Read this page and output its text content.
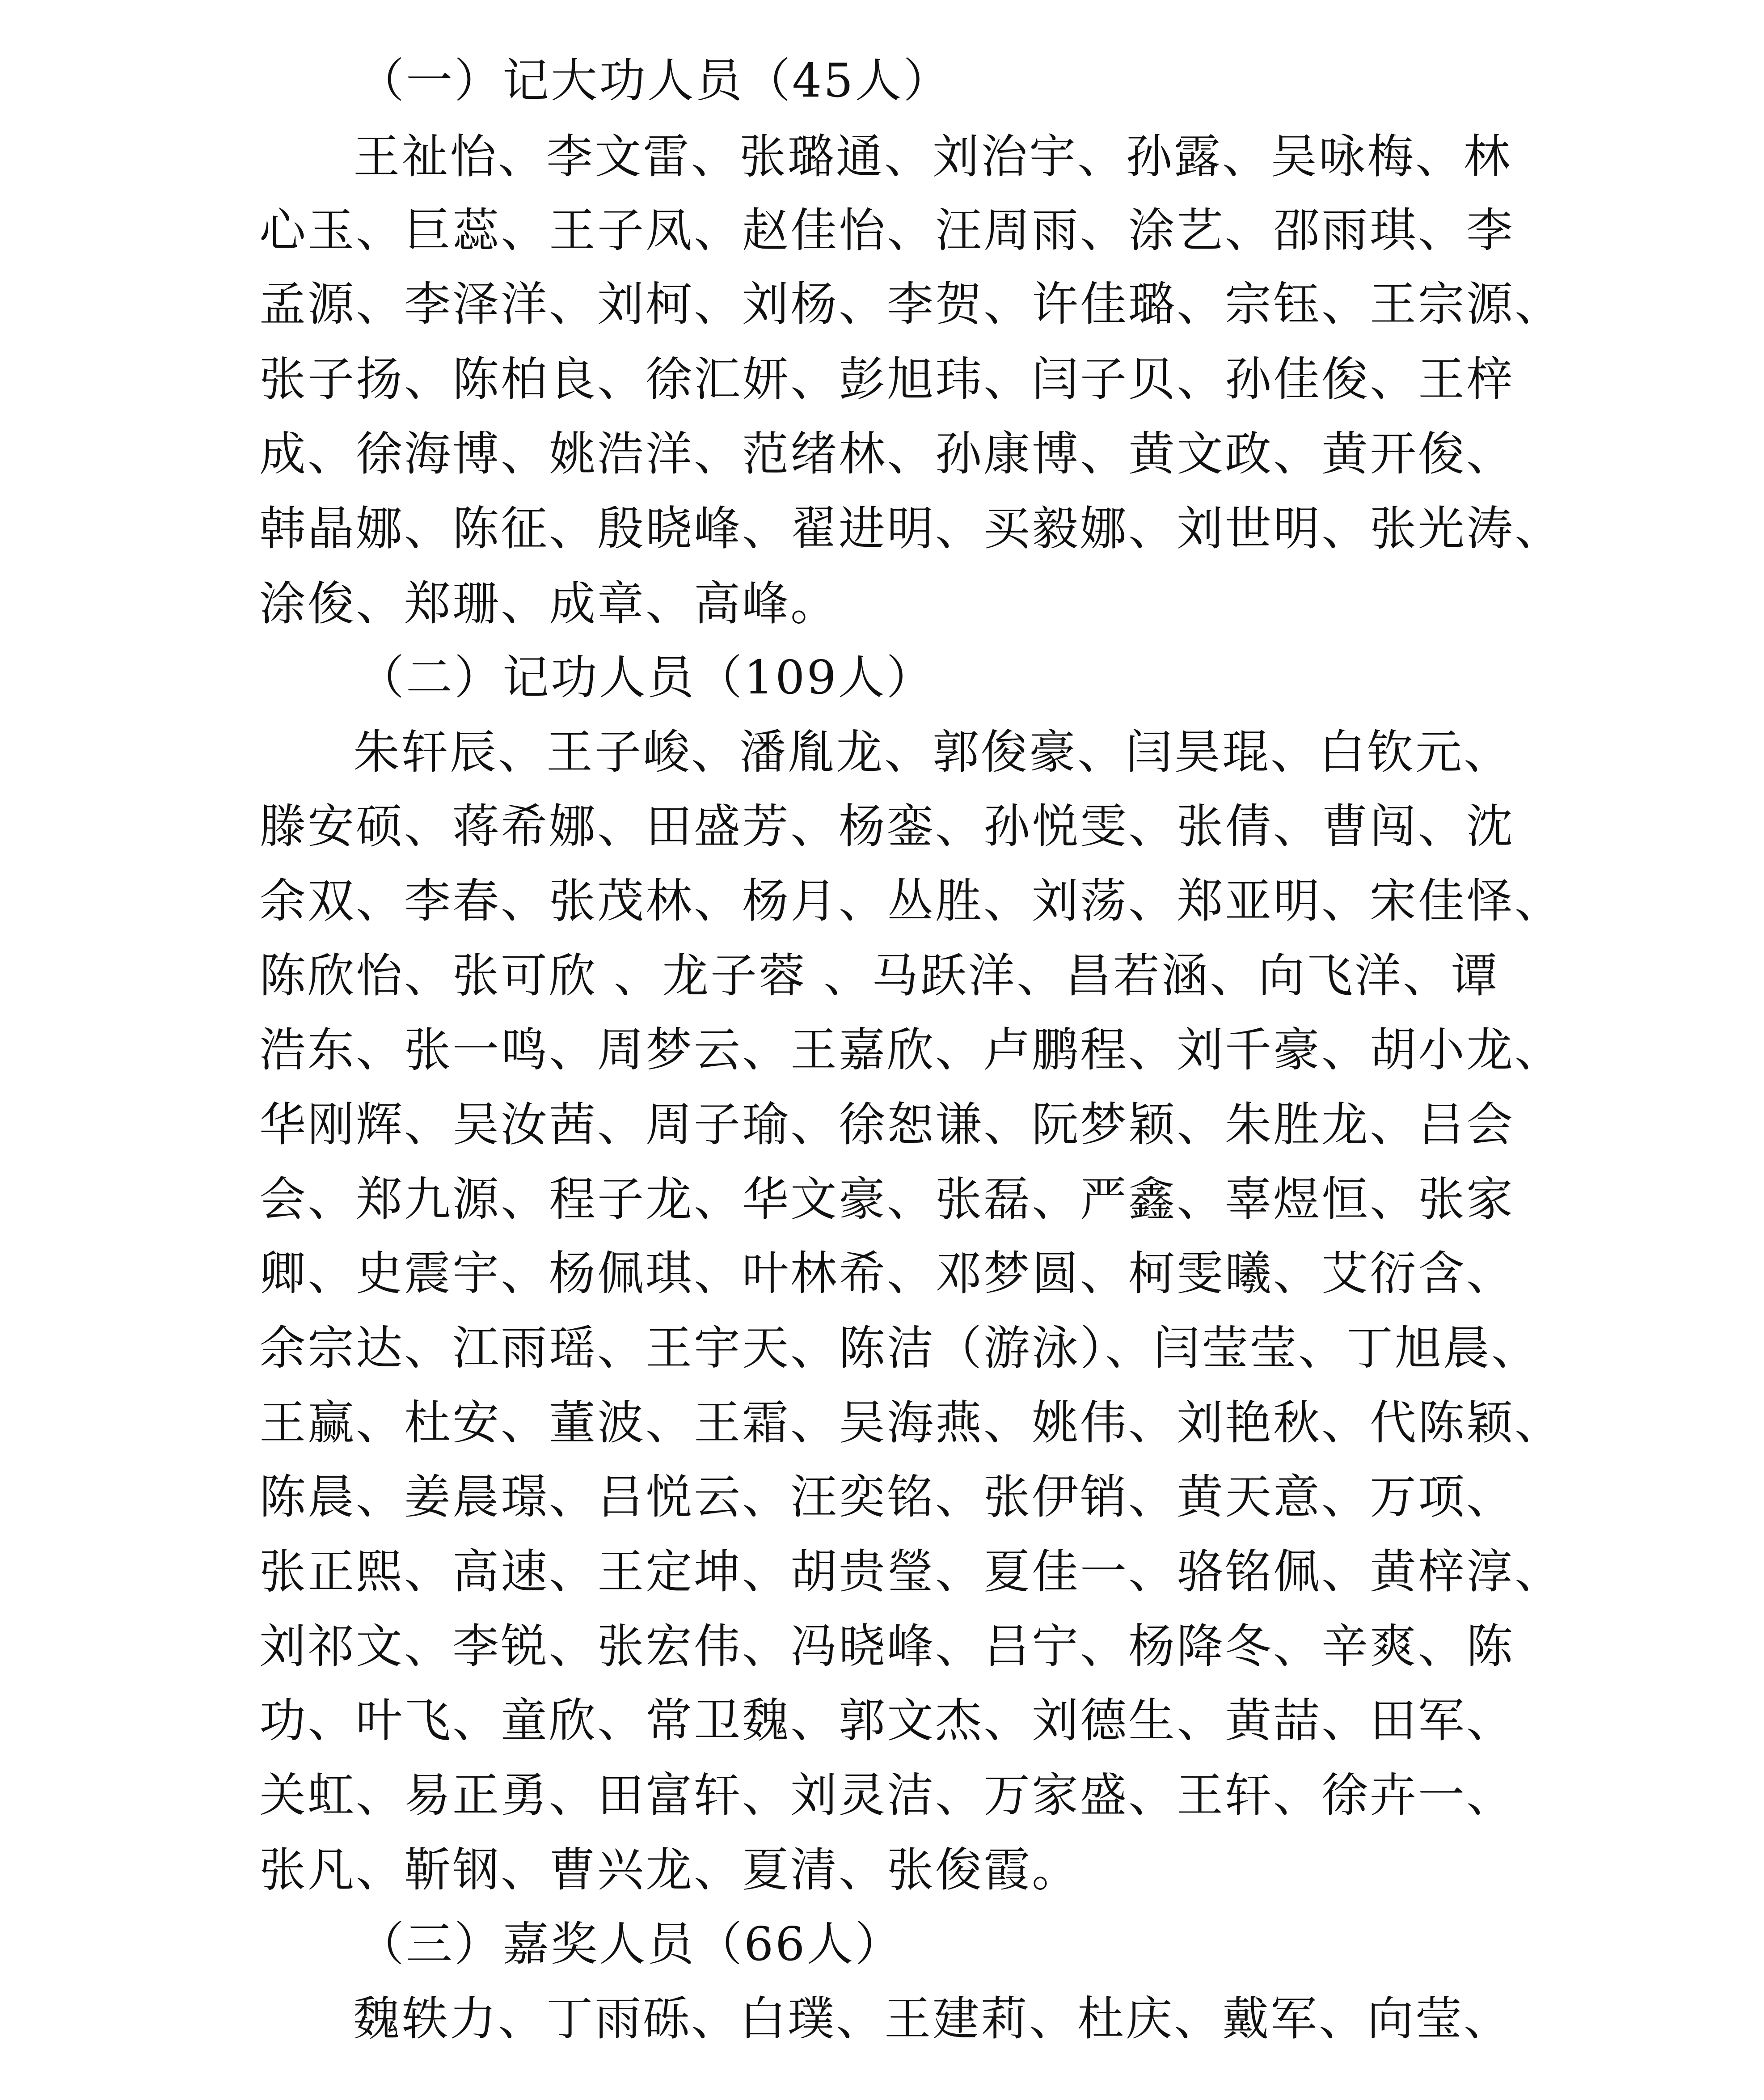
（一）记大功人员（45人）
王祉怡、李文雷、张璐通、刘治宇、孙露、吴咏梅、林
心玉、巨蕊、王子凤、赵佳怡、汪周雨、涂艺、邵雨琪、李
孟源、李泽洋、刘柯、刘杨、李贺、许佳璐、宗钰、王宗源、
张子扬、陈柏良、徐汇妍、彭旭玮、闫子贝、孙佳俊、王梓
成、徐海博、姚浩洋、范绪林、孙康博、黄文政、黄开俊、
韩晶娜、陈征、殷晓峰、翟进明、买毅娜、刘世明、张光涛、
涂俊、郑珊、成章、高峰。
（二）记功人员（109人）
朱轩辰、王子峻、潘胤龙、郭俊豪、闫昊琨、白钦元、
滕安硕、蒋希娜、田盛芳、杨銮、孙悦雯、张倩、曹闯、沈
余双、李春、张茂林、杨月、丛胜、刘荡、郑亚明、宋佳怿、
陈欣怡、张可欣 、龙子蓉 、马跃洋、昌若涵、向飞洋、谭
浩东、张一鸣、周梦云、王嘉欣、卢鹏程、刘千豪、胡小龙、
华刚辉、吴汝茜、周子瑜、徐恕谦、阮梦颖、朱胜龙、吕会
会、郑九源、程子龙、华文豪、张磊、严鑫、辜煜恒、张家
卿、史震宇、杨佩琪、叶林希、邓梦圆、柯雯曦、艾衍含、
余宗达、江雨瑶、王宇天、陈洁（游泳）、闫莹莹、丁旭晨、
王赢、杜安、董波、王霜、吴海燕、姚伟、刘艳秋、代陈颖、
陈晨、姜晨璟、吕悦云、汪奕铭、张伊销、黄天意、万项、
张正熙、高速、王定坤、胡贵瑩、夏佳一、骆铭佩、黄梓淳、
刘祁文、李锐、张宏伟、冯晓峰、吕宁、杨降冬、辛爽、陈
功、叶飞、童欣、常卫魏、郭文杰、刘德生、黄喆、田军、
关虹、易正勇、田富轩、刘灵洁、万家盛、王轩、徐卉一、
张凡、靳钢、曹兴龙、夏清、张俊霞。
（三）嘉奖人员（66人）
魏轶力、丁雨砾、白璞、王建莉、杜庆、戴军、向莹、
